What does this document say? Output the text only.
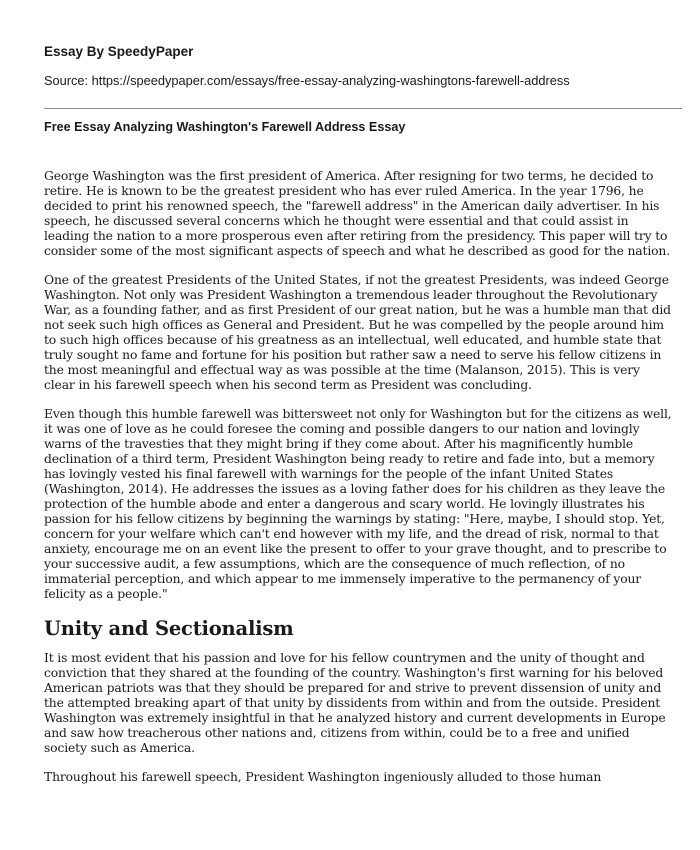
Essay By SpeedyPaper

Source: https://speedypaper.com/essays/free-essay-analyzing-washingtons-farewell-address

Free Essay Analyzing Washington's Farewell Address Essay

George Washington was the first president of America. After resigning for two terms, he decided to retire. He is known to be the greatest president who has ever ruled America. In the year 1796, he decided to print his renowned speech, the "farewell address" in the American daily advertiser. In his speech, he discussed several concerns which he thought were essential and that could assist in leading the nation to a more prosperous even after retiring from the presidency. This paper will try to consider some of the most significant aspects of speech and what he described as good for the nation.

One of the greatest Presidents of the United States, if not the greatest Presidents, was indeed George Washington. Not only was President Washington a tremendous leader throughout the Revolutionary War, as a founding father, and as first President of our great nation, but he was a humble man that did not seek such high offices as General and President. But he was compelled by the people around him to such high offices because of his greatness as an intellectual, well educated, and humble state that truly sought no fame and fortune for his position but rather saw a need to serve his fellow citizens in the most meaningful and effectual way as was possible at the time (Malanson, 2015). This is very clear in his farewell speech when his second term as President was concluding.

Even though this humble farewell was bittersweet not only for Washington but for the citizens as well, it was one of love as he could foresee the coming and possible dangers to our nation and lovingly warns of the travesties that they might bring if they come about. After his magnificently humble declination of a third term, President Washington being ready to retire and fade into, but a memory has lovingly vested his final farewell with warnings for the people of the infant United States (Washington, 2014). He addresses the issues as a loving father does for his children as they leave the protection of the humble abode and enter a dangerous and scary world. He lovingly illustrates his passion for his fellow citizens by beginning the warnings by stating: "Here, maybe, I should stop. Yet, concern for your welfare which can't end however with my life, and the dread of risk, normal to that anxiety, encourage me on an event like the present to offer to your grave thought, and to prescribe to your successive audit, a few assumptions, which are the consequence of much reflection, of no immaterial perception, and which appear to me immensely imperative to the permanency of your felicity as a people."

Unity and Sectionalism

It is most evident that his passion and love for his fellow countrymen and the unity of thought and conviction that they shared at the founding of the country. Washington's first warning for his beloved American patriots was that they should be prepared for and strive to prevent dissension of unity and the attempted breaking apart of that unity by dissidents from within and from the outside. President Washington was extremely insightful in that he analyzed history and current developments in Europe and saw how treacherous other nations and, citizens from within, could be to a free and unified society such as America.

Throughout his farewell speech, President Washington ingeniously alluded to those human
